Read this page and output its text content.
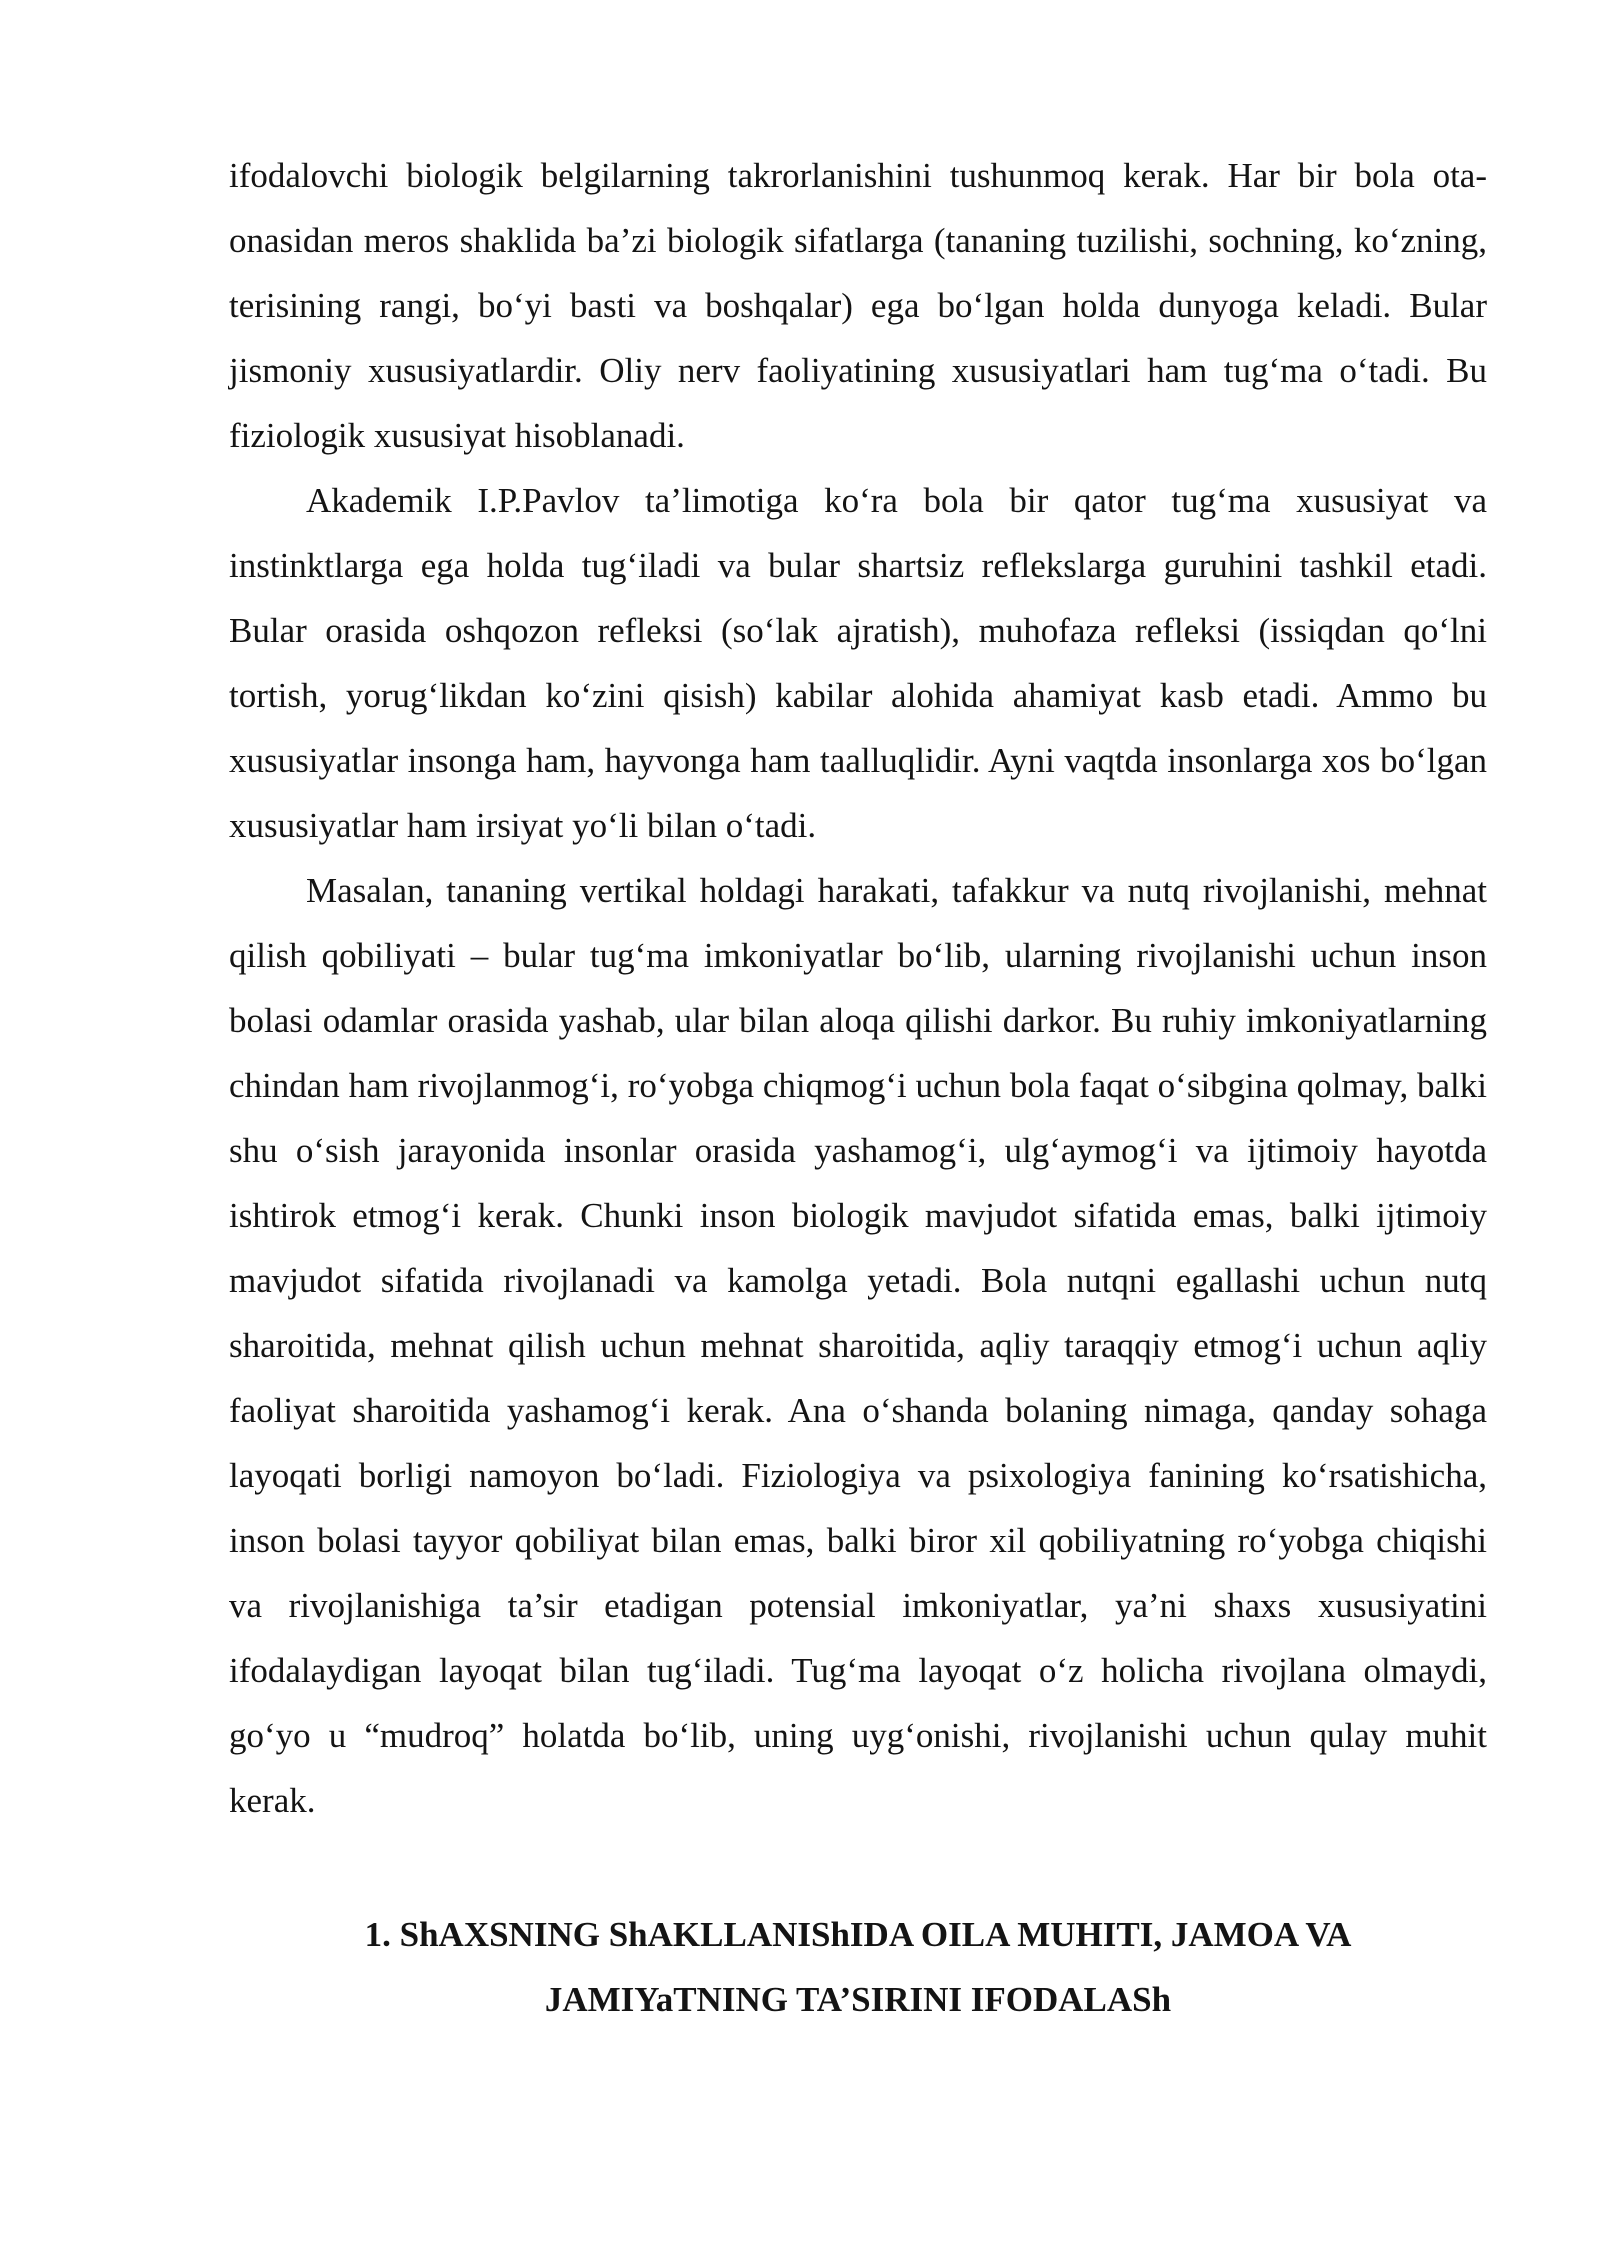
ifodalovchi biologik belgilarning takrorlanishini tushunmoq kerak. Har bir bola ota-onasidan meros shaklida ba’zi biologik sifatlarga (tananing tuzilishi, sochning, ko‘zning, terisining rangi, bo‘yi basti va boshqalar) ega bo‘lgan holda dunyoga keladi. Bular jismoniy xususiyatlardir. Oliy nerv faoliyatining xususiyatlari ham tug‘ma o‘tadi. Bu fiziologik xususiyat hisoblanadi.

Akademik I.P.Pavlov ta’limotiga ko‘ra bola bir qator tug‘ma xususiyat va instinktlarga ega holda tug‘iladi va bular shartsiz reflekslarga guruhini tashkil etadi. Bular orasida oshqozon refleksi (so‘lak ajratish), muhofaza refleksi (issiqdan qo‘lni tortish, yorug‘likdan ko‘zini qisish) kabilar alohida ahamiyat kasb etadi. Ammo bu xususiyatlar insonga ham, hayvonga ham taalluqlidir. Ayni vaqtda insonlarga xos bo‘lgan xususiyatlar ham irsiyat yo‘li bilan o‘tadi.

Masalan, tananing vertikal holdagi harakati, tafakkur va nutq rivojlanishi, mehnat qilish qobiliyati – bular tug‘ma imkoniyatlar bo‘lib, ularning rivojlanishi uchun inson bolasi odamlar orasida yashab, ular bilan aloqa qilishi darkor. Bu ruhiy imkoniyatlarning chindan ham rivojlanmog‘i, ro‘yobga chiqmog‘i uchun bola faqat o‘sibgina qolmay, balki shu o‘sish jarayonida insonlar orasida yashamog‘i, ulg‘aymog‘i va ijtimoiy hayotda ishtirok etmog‘i kerak. Chunki inson biologik mavjudot sifatida emas, balki ijtimoiy mavjudot sifatida rivojlanadi va kamolga yetadi. Bola nutqni egallashi uchun nutq sharoitida, mehnat qilish uchun mehnat sharoitida, aqliy taraqqiy etmog‘i uchun aqliy faoliyat sharoitida yashamog‘i kerak. Ana o‘shanda bolaning nimaga, qanday sohaga layoqati borligi namoyon bo‘ladi. Fiziologiya va psixologiya fanining ko‘rsatishicha, inson bolasi tayyor qobiliyat bilan emas, balki biror xil qobiliyatning ro‘yobga chiqishi va rivojlanishiga ta’sir etadigan potensial imkoniyatlar, ya’ni shaxs xususiyatini ifodalaydigan layoqat bilan tug‘iladi. Tug‘ma layoqat o‘z holicha rivojlana olmaydi, go‘yo u “mudroq” holatda bo‘lib, uning uyg‘onishi, rivojlanishi uchun qulay muhit kerak.

1. ShAXSNING ShAKLLANIShIDA OILA MUHITI, JAMOA VA
JAMIYaTNING TA’SIRINI IFODALASh
